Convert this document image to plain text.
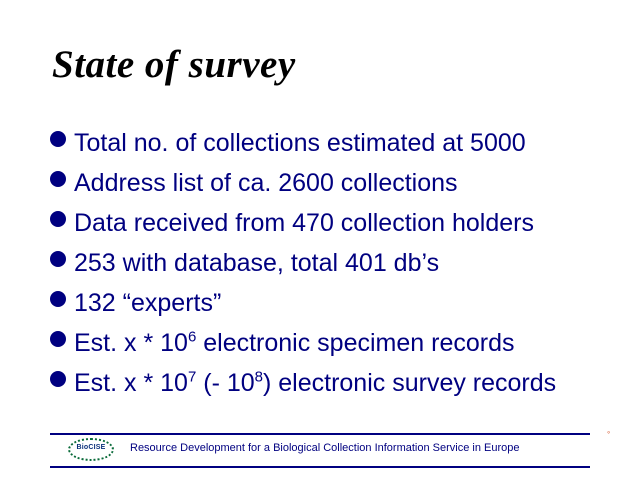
State of survey
Total no. of collections estimated at 5000
Address list of ca. 2600 collections
Data received from 470 collection holders
253 with database, total 401 db’s
132 “experts”
Est. x * $10^6$ electronic specimen records
Est. x * $10^7$ (- $10^8$) electronic survey records
BioCISE	Resource Development for a Biological Collection Information Service in Europe
◦
